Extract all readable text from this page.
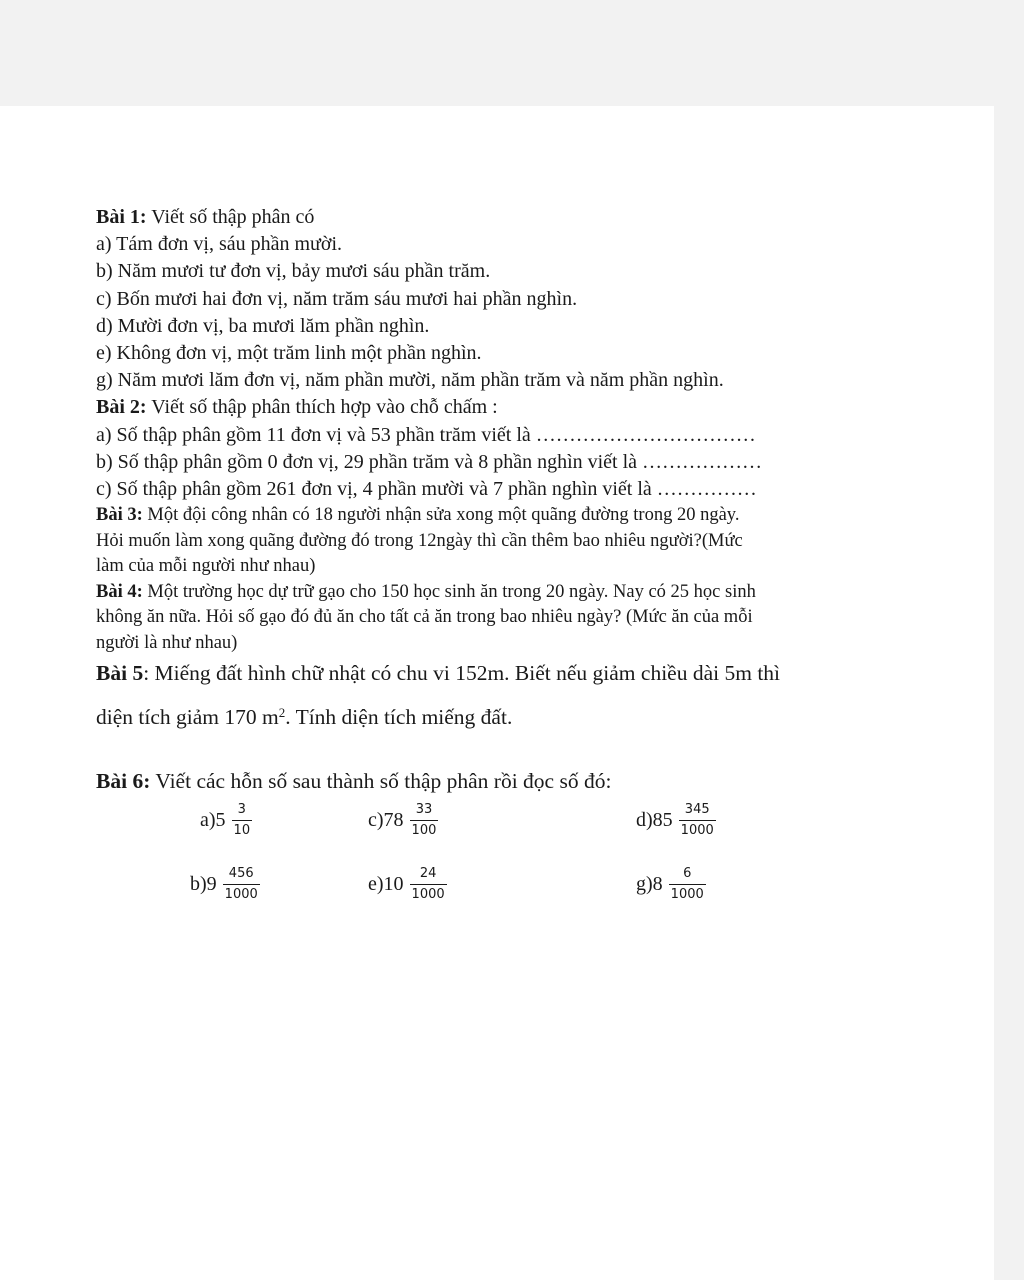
Bài 1: Viết số thập phân có
a) Tám đơn vị, sáu phần mười.
b) Năm mươi tư đơn vị, bảy mươi sáu phần trăm.
c) Bốn mươi hai đơn vị, năm trăm sáu mươi hai phần nghìn.
d) Mười đơn vị, ba mươi lăm phần nghìn.
e) Không đơn vị, một trăm linh một phần nghìn.
g) Năm mươi lăm đơn vị, năm phần mười, năm phần trăm và năm phần nghìn.
Bài 2: Viết số thập phân thích hợp vào chỗ chấm :
a) Số thập phân gồm 11 đơn vị và 53 phần trăm viết là ……………………………
b) Số thập phân gồm 0 đơn vị, 29 phần trăm và 8 phần nghìn viết là ………………
c) Số thập phân gồm 261 đơn vị, 4 phần mười và 7 phần nghìn viết là ……………
Bài 3: Một đội công nhân có 18 người nhận sửa xong một quãng đường trong 20 ngày.
Hỏi muốn làm xong quãng đường đó trong 12ngày thì cần thêm bao nhiêu người?(Mức
làm của mỗi người như nhau)
Bài 4: Một trường học dự trữ gạo cho 150 học sinh ăn trong 20 ngày. Nay có 25 học sinh
không ăn nữa. Hỏi số gạo đó đủ ăn cho tất cả ăn trong bao nhiêu ngày? (Mức ăn của mỗi
người là như nhau)
Bài 5: Miếng đất hình chữ nhật có chu vi 152m. Biết nếu giảm chiều dài 5m thì
diện tích giảm 170 $m^2$. Tính diện tích miếng đất.
Bài 6: Viết các hỗn số sau thành số thập phân rồi đọc số đó:
$a)5 \frac{3}{10}$	$c)78 \frac{33}{100}$	$d)85 \frac{345}{1000}$
$b)9 \frac{456}{1000}$	$e)10 \frac{24}{1000}$	$g)8 \frac{6}{1000}$
